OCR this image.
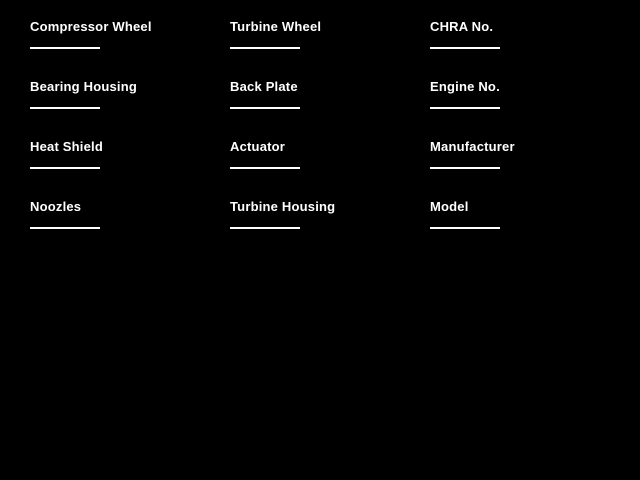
Compressor Wheel
Bearing Housing
Heat Shield
Noozles
Turbine Wheel
Back Plate
Actuator
Turbine Housing
CHRA No.
Engine No.
Manufacturer
Model
